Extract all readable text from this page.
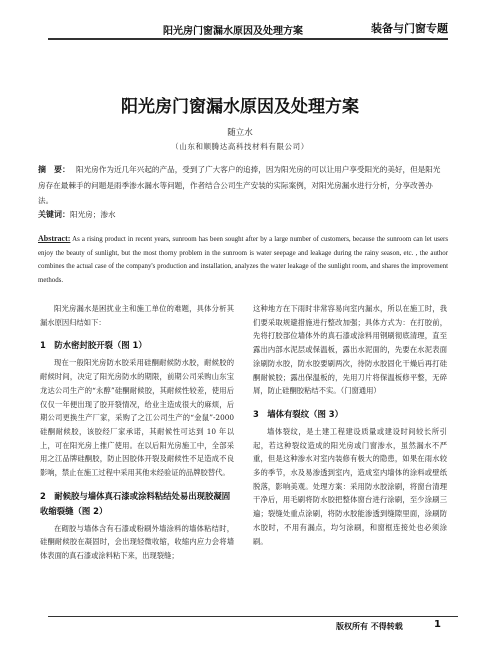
阳光房门窗漏水原因及处理方案	装备与门窗专题
阳光房门窗漏水原因及处理方案
随立水
（山东和顺腾达高科技材料有限公司）
摘　要： 阳光房作为近几年兴起的产品，受到了广大客户的追捧，因为阳光房的可以让用户享受阳光的美好，但是阳光房存在最棘手的问题是雨季渗水漏水等问题，作者结合公司生产安装的实际案例，对阳光房漏水进行分析，分享改善办法。
关键词：阳光房；渗水
Abstract: As a rising product in recent years, sunroom has been sought after by a large number of customers, because the sunroom can let users enjoy the beauty of sunlight, but the most thorny problem in the sunroom is water seepage and leakage during the rainy season, etc. , the author combines the actual case of the company's production and installation, analyzes the water leakage of the sunlight room, and shares the improvement methods.

阳光房漏水是困扰业主和施工单位的难题，具体分析其漏水原因归结如下：

1　防水密封胶开裂（图 1）

现在一般阳光房防水胶采用硅酮耐候防水胶，耐候胶的耐候时间，决定了阳光房防水的期限，前期公司采购山东宝龙达公司生产的“永醇”硅酮耐候胶，其耐候性较差，使用后仅仅一年便出现了胶开裂情况，给业主造成很大的麻烦，后期公司更换生产厂家，采购了之江公司生产的“金鼠”-2000 硅酮耐候胶，该胶经厂家承诺，其耐候性可达到 10 年以上，可在阳光房上推广使用。在以后阳光房施工中，全部采用之江品牌硅酮胶，防止因胶体开裂及耐候性不足造成不良影响，禁止在施工过程中采用其他未经验证的品牌胶替代。

2　耐候胶与墙体真石漆或涂料粘结处易出现胶凝固收缩裂缝（图 2）

在砌胶与墙体含有石漆或粉刷外墙涂料的墙体粘结时，硅酮耐候胶在凝固时，会出现轻微收缩，收缩内应力会将墙体表面的真石漆或涂料粘下来，出现裂缝；

这种地方在下雨时非常容易向室内漏水，所以在施工时，我们要采取规避措施进行整改加强；具体方式为：在打胶前，先将打胶部位墙体外的真石漆或涂料用钢刷彻底清理，直至露出内部水泥层或保温板，露出水泥面的，先要在水泥表面涂刷防水胶，防水胶要刷两次，待防水胶固化干燥后再打硅酮耐候胶；露出保温板的，先用刀片将保温板修平整，无碎屑，防止硅酮胶粘结不实。（门窗通用）

3　墙体有裂纹（图 3）

墙体裂纹，是土建工程建设质量或建设时间较长所引起，若这种裂纹造成的阳光房或门窗渗水，虽然漏水不严重，但是这种渗水对室内装修有极大的隐患，如果在雨水较多的季节，水及易渗透到室内，造成室内墙体的涂料或壁纸脱落，影响美观。处理方案：采用防水胶涂刷，将窗台清理干净后，用毛刷将防水胶把整体窗台进行涂刷，至少涂刷三遍；裂缝处重点涂刷，将防水胶能渗透到缝隙里面，涂刷防水胶时，不用有漏点，均匀涂刷，和窗框连接处也必须涂刷。

版权所有 不得转载	1
